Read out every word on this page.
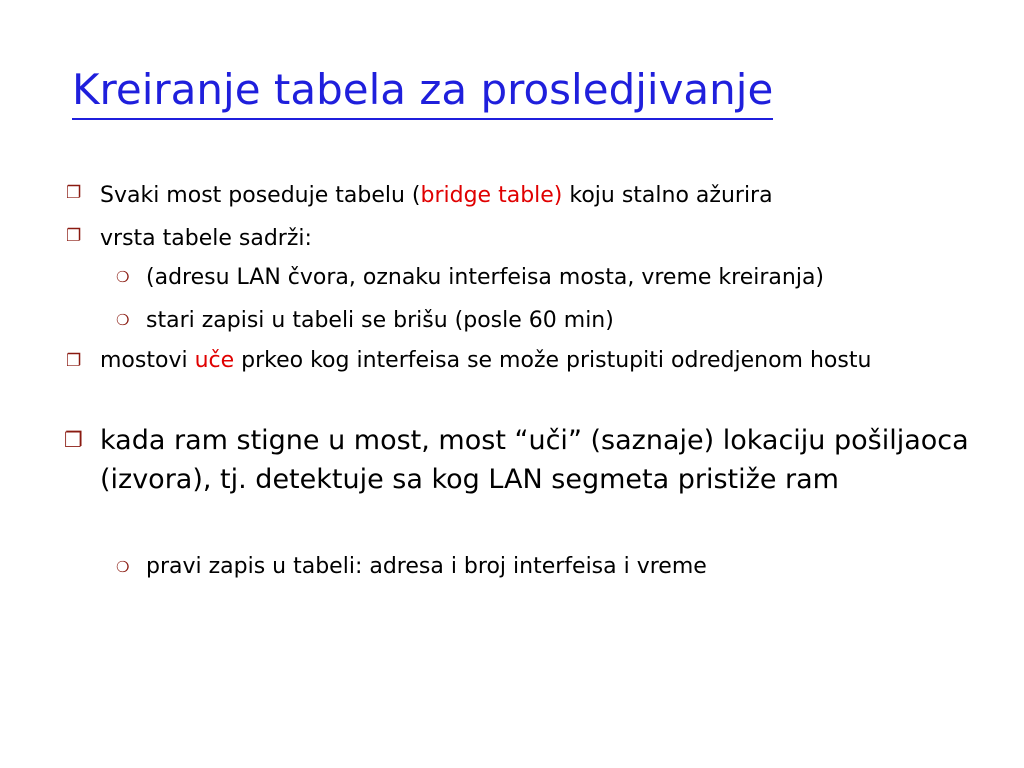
Kreiranje tabela za prosledjivanje
❐ Svaki most poseduje tabelu (bridge table) koju stalno ažurira
❐ vrsta tabele sadrži:
❍ (adresu LAN čvora, oznaku interfeisa mosta, vreme kreiranja)
❍ stari zapisi u tabeli se brišu (posle 60 min)
❐ mostovi uče prkeo kog interfeisa se može pristupiti odredjenom hostu
❐ kada ram stigne u most, most “uči” (saznaje) lokaciju pošiljaoca (izvora), tj. detektuje sa kog LAN segmeta pristiže ram
❍ pravi zapis u tabeli: adresa i broj interfeisa i vreme
